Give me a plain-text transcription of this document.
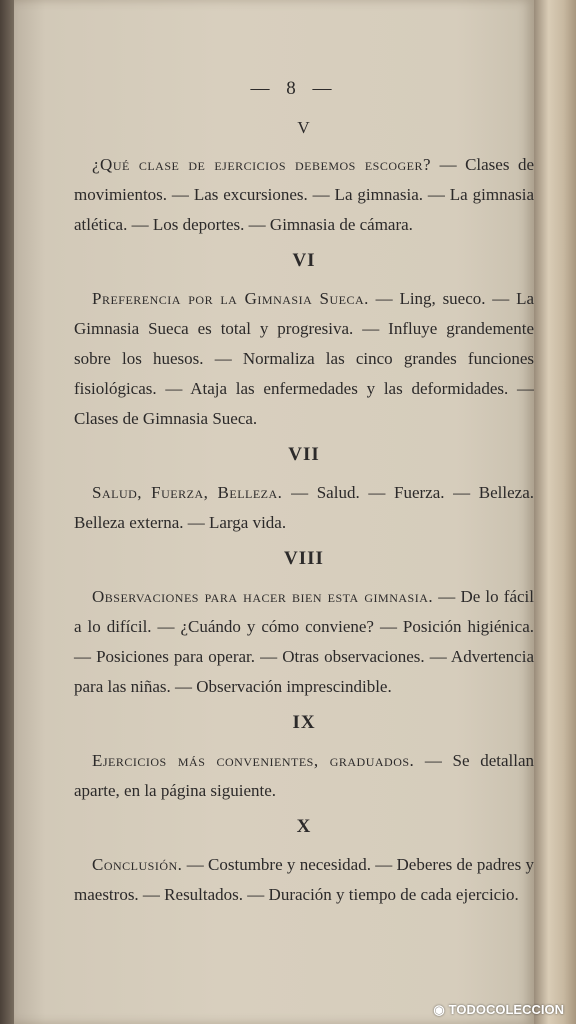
— 8 —
V

¿Qué clase de ejercicios debemos escoger? — Clases de movimientos. — Las excursiones. — La gimnasia. — La gimnasia atlética. — Los deportes. — Gimnasia de cámara.

VI

Preferencia por la Gimnasia Sueca. — Ling, sueco. — La Gimnasia Sueca es total y progresiva. — Influye grandemente sobre los huesos. — Normaliza las cinco grandes funciones fisiológicas. — Ataja las enfermedades y las deformidades. — Clases de Gimnasia Sueca.

VII

Salud, Fuerza, Belleza. — Salud. — Fuerza. — Belleza. Belleza externa. — Larga vida.

VIII

Observaciones para hacer bien esta gimnasia. — De lo fácil a lo difícil. — ¿Cuándo y cómo conviene? — Posición higiénica. — Posiciones para operar. — Otras observaciones. — Advertencia para las niñas. — Observación imprescindible.

IX

Ejercicios más convenientes, graduados. — Se detallan aparte, en la página siguiente.

X

Conclusión. — Costumbre y necesidad. — Deberes de padres y maestros. — Resultados. — Duración y tiempo de cada ejercicio.

◉ TODOCOLECCION
